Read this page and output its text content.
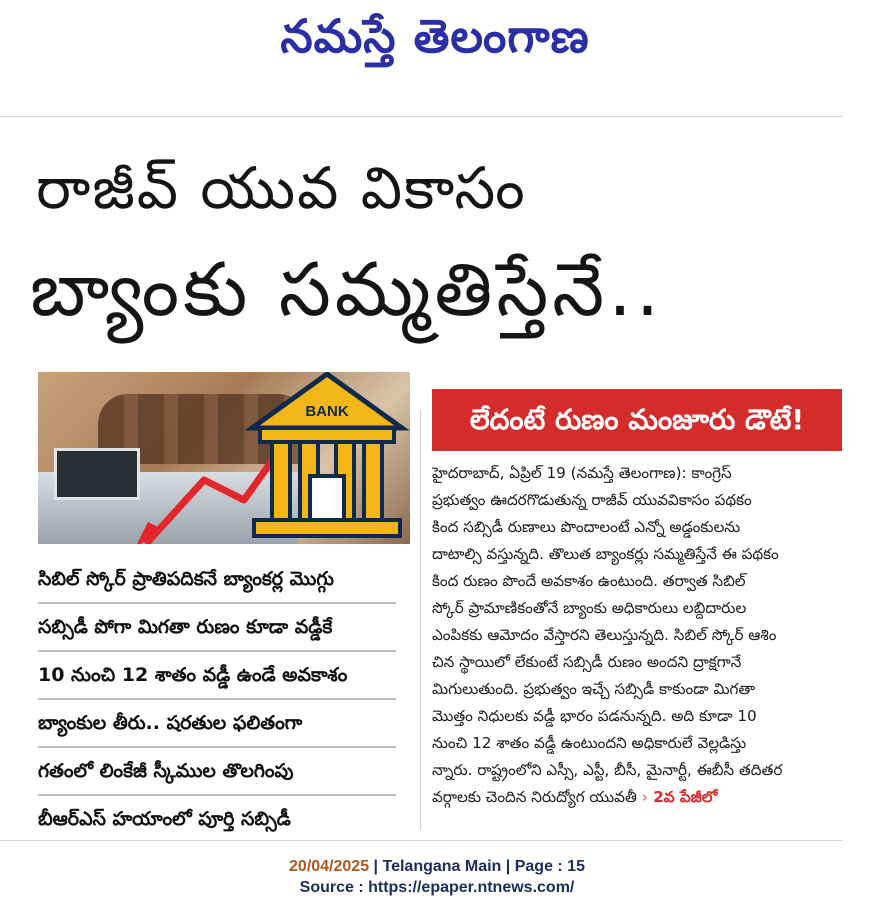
నమస్తే తెలంగాణ
రాజీవ్ యువ వికాసం
బ్యాంకు సమ్మతిస్తేనే..
BANK
సిబిల్ స్కోర్ ప్రాతిపదికనే బ్యాంకర్ల మొగ్గు
సబ్సిడీ పోగా మిగతా రుణం కూడా వడ్డీకే
10 నుంచి 12 శాతం వడ్డీ ఉండే అవకాశం
బ్యాంకుల తీరు.. షరతుల ఫలితంగా
గతంలో లింకేజీ స్కీముల తొలగింపు
బీఆర్ఎస్ హయాంలో పూర్తి సబ్సిడీ
లేదంటే రుణం మంజూరు డౌటే!
హైదరాబాద్, ఏప్రిల్ 19 (నమస్తే తెలంగాణ): కాంగ్రెస్
ప్రభుత్వం ఊదరగొడుతున్న రాజీవ్ యువవికాసం పథకం
కింద సబ్సిడీ రుణాలు పొందాలంటే ఎన్నో అడ్డంకులను
దాటాల్సి వస్తున్నది. తొలుత బ్యాంకర్లు సమ్మతిస్తేనే ఈ పథకం
కింద రుణం పొందే అవకాశం ఉంటుంది. తర్వాత సిబిల్
స్కోర్ ప్రామాణికంతోనే బ్యాంకు అధికారులు లబ్దిదారుల
ఎంపికకు ఆమోదం వేస్తారని తెలుస్తున్నది. సిబిల్ స్కోర్ ఆశిం
చిన స్థాయిలో లేకుంటే సబ్సిడీ రుణం అందని ద్రాక్షగానే
మిగులుతుంది. ప్రభుత్వం ఇచ్చే సబ్సిడీ కాకుండా మిగతా
మొత్తం నిధులకు వడ్డీ భారం పడనున్నది. అది కూడా 10
నుంచి 12 శాతం వడ్డీ ఉంటుందని అధికారులే వెల్లడిస్తు
న్నారు. రాష్ట్రంలోని ఎస్సీ, ఎస్టీ, బీసీ, మైనార్టీ, ఈబీసీ తదితర
వర్గాలకు చెందిన నిరుద్యోగ యువతీ › 2వ పేజీలో
20/04/2025 | Telangana Main | Page : 15
Source : https://epaper.ntnews.com/
